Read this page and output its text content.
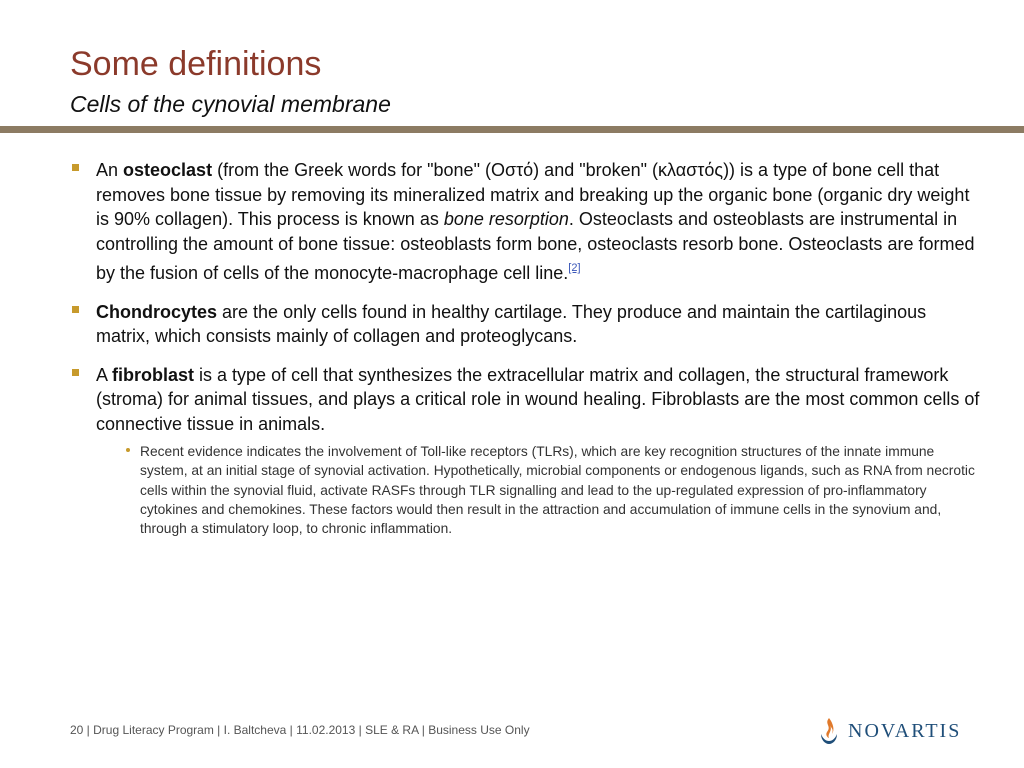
Some definitions
Cells of the cynovial membrane

An osteoclast (from the Greek words for "bone" (Οστό) and "broken" (κλαστός)) is a type of bone cell that removes bone tissue by removing its mineralized matrix and breaking up the organic bone (organic dry weight is 90% collagen). This process is known as bone resorption. Osteoclasts and osteoblasts are instrumental in controlling the amount of bone tissue: osteoblasts form bone, osteoclasts resorb bone. Osteoclasts are formed by the fusion of cells of the monocyte-macrophage cell line.[2]

Chondrocytes are the only cells found in healthy cartilage. They produce and maintain the cartilaginous matrix, which consists mainly of collagen and proteoglycans.

A fibroblast is a type of cell that synthesizes the extracellular matrix and collagen, the structural framework (stroma) for animal tissues, and plays a critical role in wound healing. Fibroblasts are the most common cells of connective tissue in animals.

Recent evidence indicates the involvement of Toll-like receptors (TLRs), which are key recognition structures of the innate immune system, at an initial stage of synovial activation. Hypothetically, microbial components or endogenous ligands, such as RNA from necrotic cells within the synovial fluid, activate RASFs through TLR signalling and lead to the up-regulated expression of pro-inflammatory cytokines and chemokines. These factors would then result in the attraction and accumulation of immune cells in the synovium and, through a stimulatory loop, to chronic inflammation.

20 | Drug Literacy Program | I. Baltcheva | 11.02.2013 | SLE & RA | Business Use Only	NOVARTIS
